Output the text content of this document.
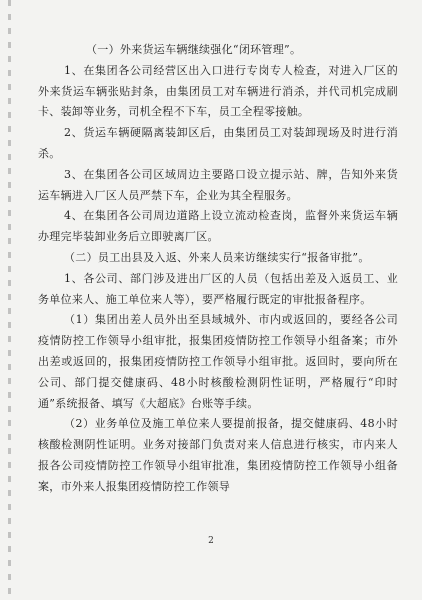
（一）外来货运车辆继续强化“闭环管理”。

1、在集团各公司经营区出入口进行专岗专人检查，对进入厂区的外来货运车辆张贴封条，由集团员工对车辆进行消杀，并代司机完成刷卡、装卸等业务，司机全程不下车，员工全程零接触。

2、货运车辆硬隔离装卸区后，由集团员工对装卸现场及时进行消杀。

3、在集团各公司区域周边主要路口设立提示站、牌，告知外来货运车辆进入厂区人员严禁下车，企业为其全程服务。

4、在集团各公司周边道路上设立流动检查岗，监督外来货运车辆办理完毕装卸业务后立即驶离厂区。

（二）员工出县及入返、外来人员来访继续实行“报备审批”。

1、各公司、部门涉及进出厂区的人员（包括出差及入返员工、业务单位来人、施工单位来人等），要严格履行既定的审批报备程序。

（1）集团出差人员外出至县域城外、市内或返回的，要经各公司疫情防控工作领导小组审批，报集团疫情防控工作领导小组备案；市外出差或返回的，报集团疫情防控工作领导小组审批。返回时，要向所在公司、部门提交健康码、48小时核酸检测阴性证明，严格履行“印时通”系统报备、填写《大超底》台账等手续。

（2）业务单位及施工单位来人要提前报备，提交健康码、48小时核酸检测阴性证明。业务对接部门负责对来人信息进行核实，市内来人报各公司疫情防控工作领导小组审批准，集团疫情防控工作领导小组备案，市外来人报集团疫情防控工作领导

2
